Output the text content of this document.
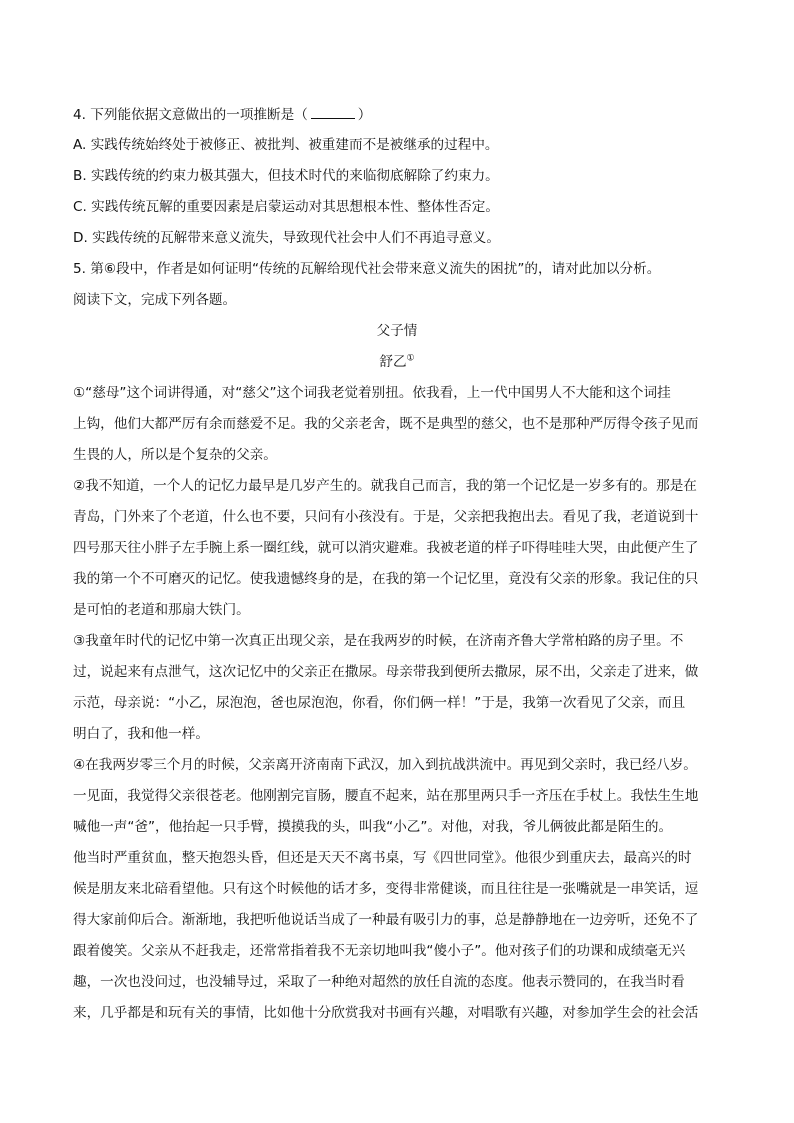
4. 下列能依据文意做出的一项推断是（	）
A. 实践传统始终处于被修正、被批判、被重建而不是被继承的过程中。
B. 实践传统的约束力极其强大，但技术时代的来临彻底解除了约束力。
C. 实践传统瓦解的重要因素是启蒙运动对其思想根本性、整体性否定。
D. 实践传统的瓦解带来意义流失，导致现代社会中人们不再追寻意义。
5. 第⑥段中，作者是如何证明“传统的瓦解给现代社会带来意义流失的困扰”的，请对此加以分析。
阅读下文，完成下列各题。
父子情
舒乙①
①“慈母”这个词讲得通，对“慈父”这个词我老觉着别扭。依我看，上一代中国男人不大能和这个词挂
上钩，他们大都严厉有余而慈爱不足。我的父亲老舍，既不是典型的慈父，也不是那种严厉得令孩子见而
生畏的人，所以是个复杂的父亲。
②我不知道，一个人的记忆力最早是几岁产生的。就我自己而言，我的第一个记忆是一岁多有的。那是在
青岛，门外来了个老道，什么也不要，只问有小孩没有。于是，父亲把我抱出去。看见了我，老道说到十
四号那天往小胖子左手腕上系一圈红线，就可以消灾避难。我被老道的样子吓得哇哇大哭，由此便产生了
我的第一个不可磨灭的记忆。使我遗憾终身的是，在我的第一个记忆里，竟没有父亲的形象。我记住的只
是可怕的老道和那扇大铁门。
③我童年时代的记忆中第一次真正出现父亲，是在我两岁的时候，在济南齐鲁大学常柏路的房子里。不
过，说起来有点泄气，这次记忆中的父亲正在撒尿。母亲带我到便所去撒尿，尿不出，父亲走了进来，做
示范，母亲说：“小乙，尿泡泡，爸也尿泡泡，你看，你们俩一样！”于是，我第一次看见了父亲，而且
明白了，我和他一样。
④在我两岁零三个月的时候，父亲离开济南南下武汉，加入到抗战洪流中。再见到父亲时，我已经八岁。
一见面，我觉得父亲很苍老。他刚割完盲肠，腰直不起来，站在那里两只手一齐压在手杖上。我怯生生地
喊他一声“爸”，他抬起一只手臂，摸摸我的头，叫我“小乙”。对他，对我，爷儿俩彼此都是陌生的。
他当时严重贫血，整天抱怨头昏，但还是天天不离书桌，写《四世同堂》。他很少到重庆去，最高兴的时
候是朋友来北碚看望他。只有这个时候他的话才多，变得非常健谈，而且往往是一张嘴就是一串笑话，逗
得大家前仰后合。渐渐地，我把听他说话当成了一种最有吸引力的事，总是静静地在一边旁听，还免不了
跟着傻笑。父亲从不赶我走，还常常指着我不无亲切地叫我“傻小子”。他对孩子们的功课和成绩毫无兴
趣，一次也没问过，也没辅导过，采取了一种绝对超然的放任自流的态度。他表示赞同的，在我当时看
来，几乎都是和玩有关的事情，比如他十分欣赏我对书画有兴趣，对唱歌有兴趣，对参加学生会的社会活
